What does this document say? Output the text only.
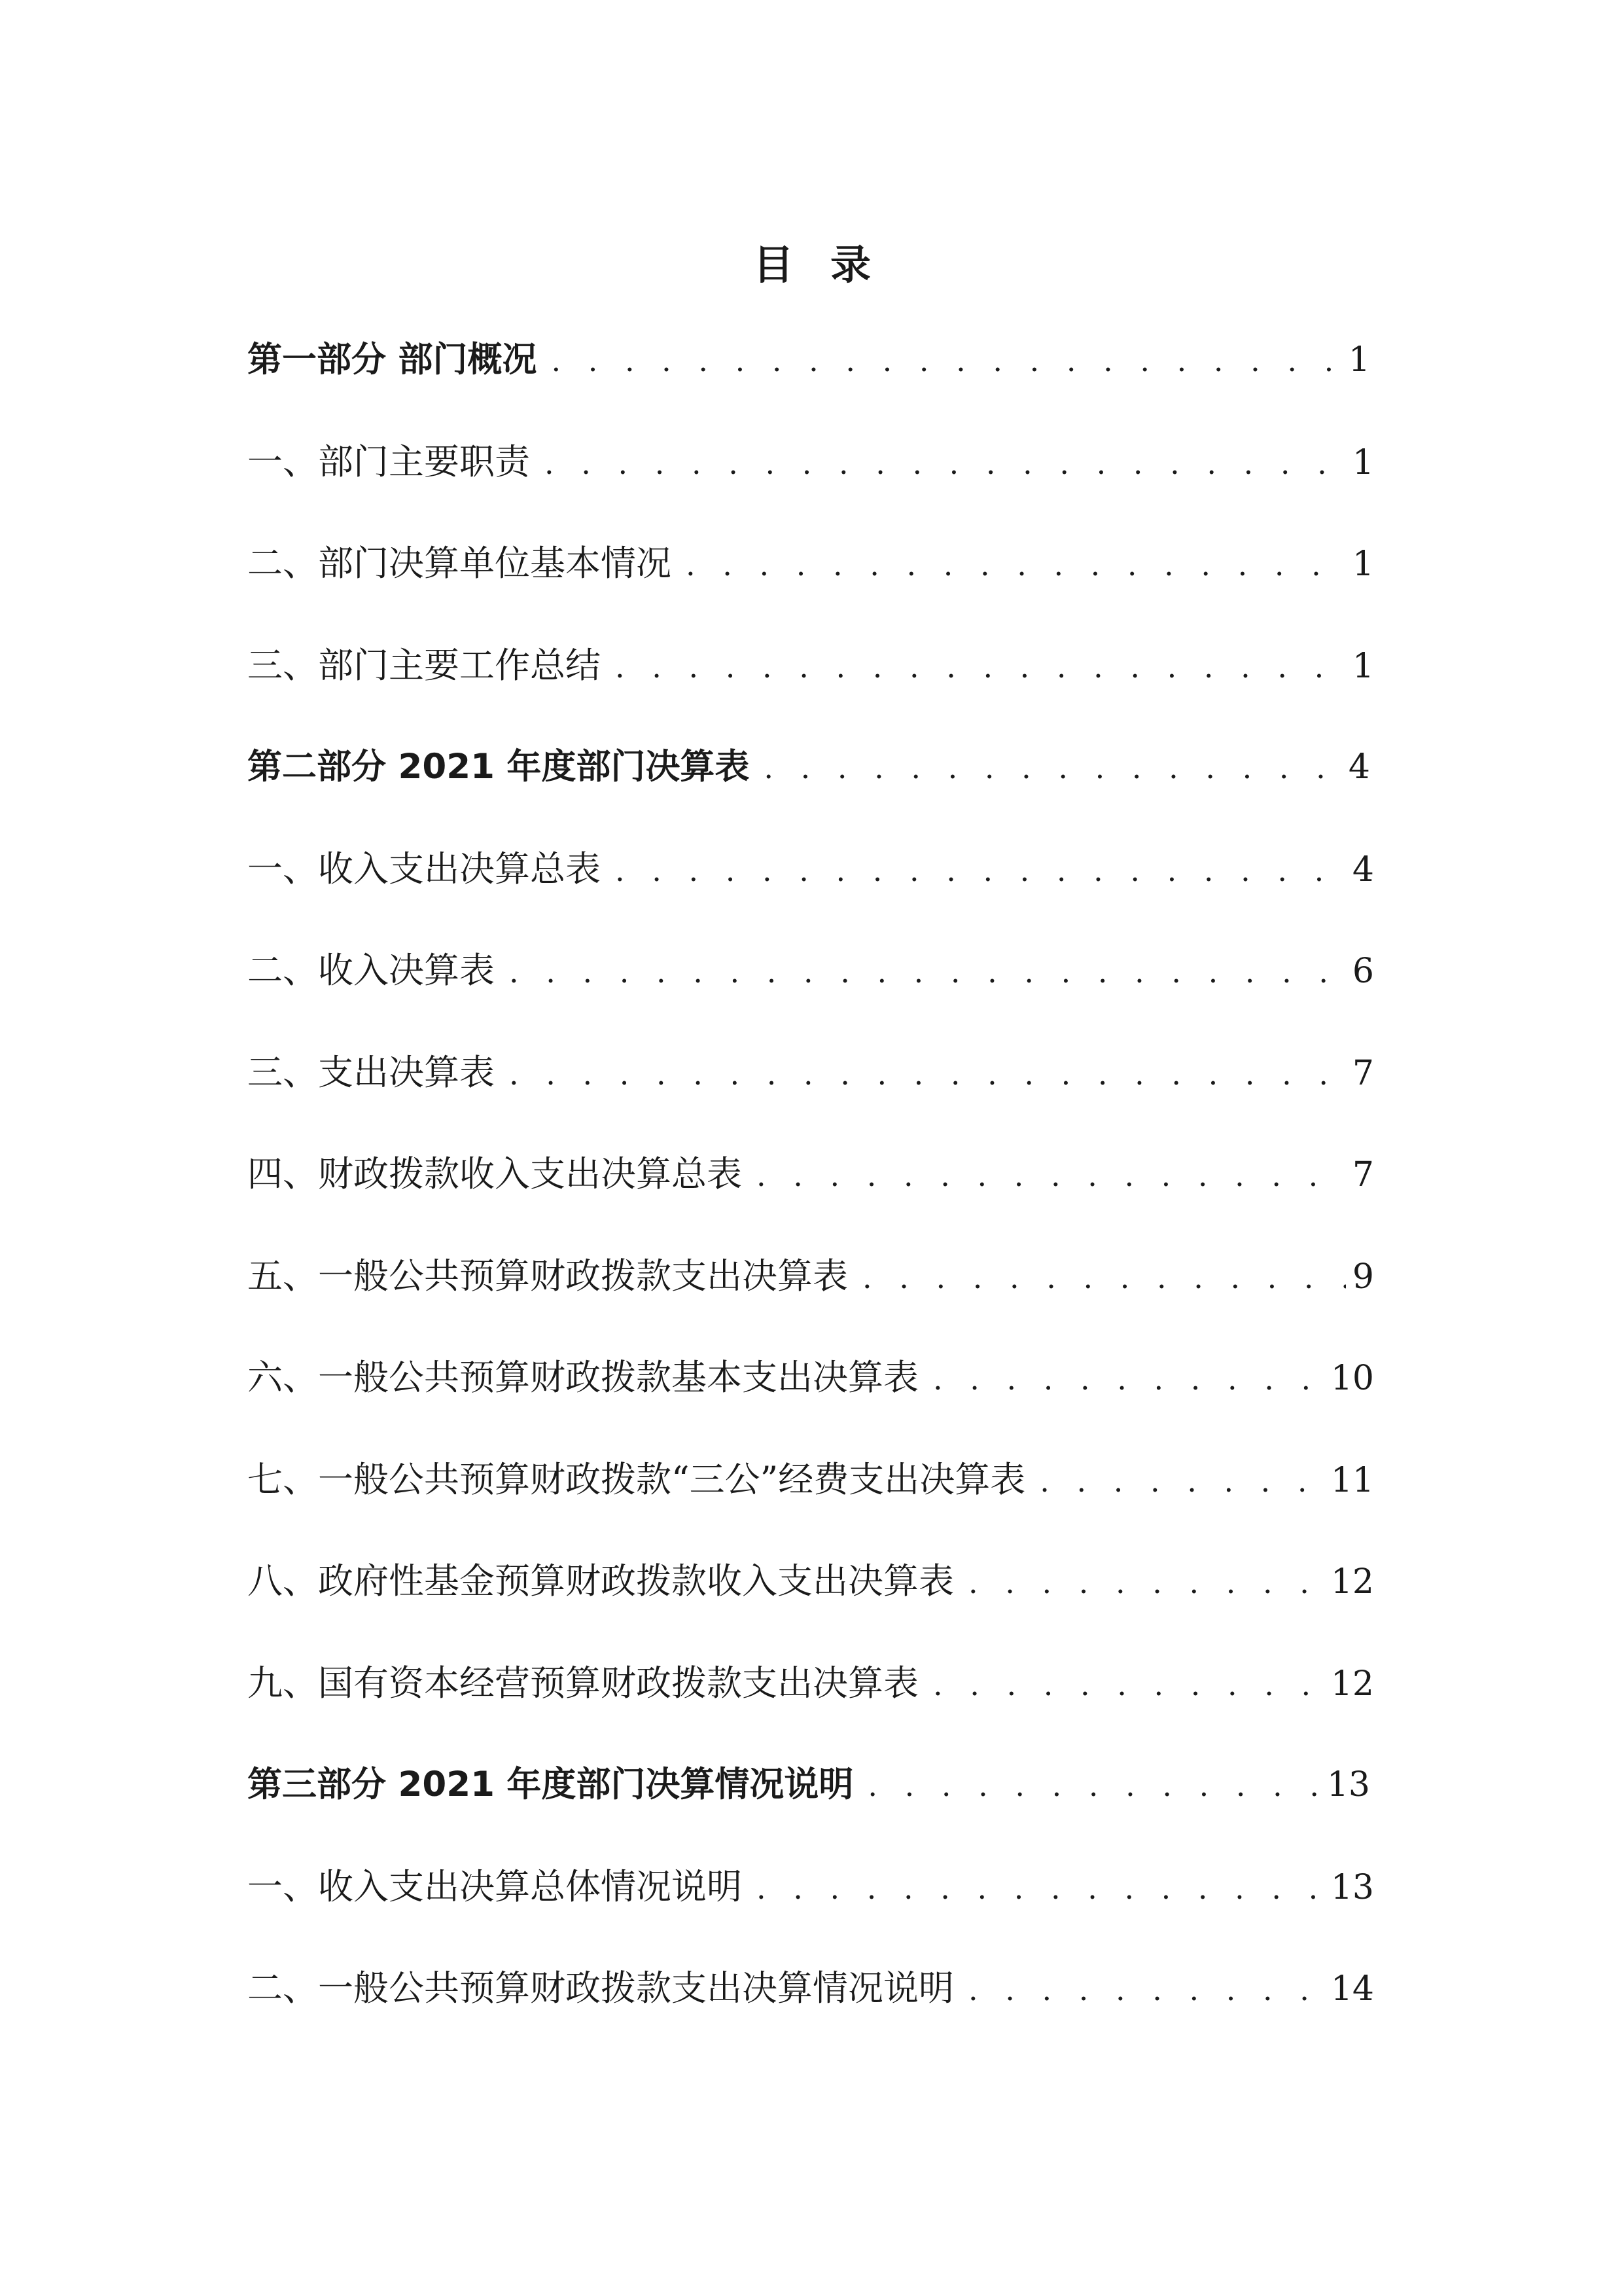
目录
第一部分 部门概况 . . .	1
一、部门主要职责 . . .	1
二、部门决算单位基本情况 . . .	1
三、部门主要工作总结 . . .	1
第二部分 2021 年度部门决算表 . . .	4
一、收入支出决算总表 . . .	4
二、收入决算表 . . .	6
三、支出决算表 . . .	7
四、财政拨款收入支出决算总表 . . .	7
五、一般公共预算财政拨款支出决算表 . . .	9
六、一般公共预算财政拨款基本支出决算表 . . .	10
七、一般公共预算财政拨款“三公”经费支出决算表 . . .	11
八、政府性基金预算财政拨款收入支出决算表 . . .	12
九、国有资本经营预算财政拨款支出决算表 . . .	12
第三部分 2021 年度部门决算情况说明 . . .	13
一、收入支出决算总体情况说明 . . .	13
二、一般公共预算财政拨款支出决算情况说明 . . .	14
